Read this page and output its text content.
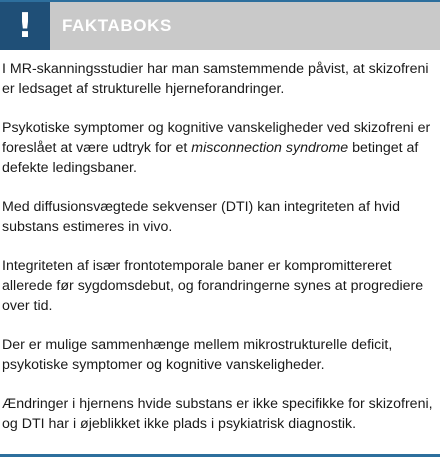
! FAKTABOKS

I MR-skanningsstudier har man samstemmende påvist, at skizofreni er ledsaget af strukturelle hjerneforandringer.

Psykotiske symptomer og kognitive vanskeligheder ved skizofreni er foreslået at være udtryk for et misconnection syndrome betinget af defekte ledingsbaner.

Med diffusionsvægtede sekvenser (DTI) kan integriteten af hvid substans estimeres in vivo.

Integriteten af især frontotemporale baner er kompromittereret allerede før sygdomsdebut, og forandringerne synes at progrediere over tid.

Der er mulige sammenhænge mellem mikrostrukturelle deficit, psykotiske symptomer og kognitive vanskeligheder.

Ændringer i hjernens hvide substans er ikke specifikke for skizofreni, og DTI har i øjeblikket ikke plads i psykiatrisk diagnostik.
